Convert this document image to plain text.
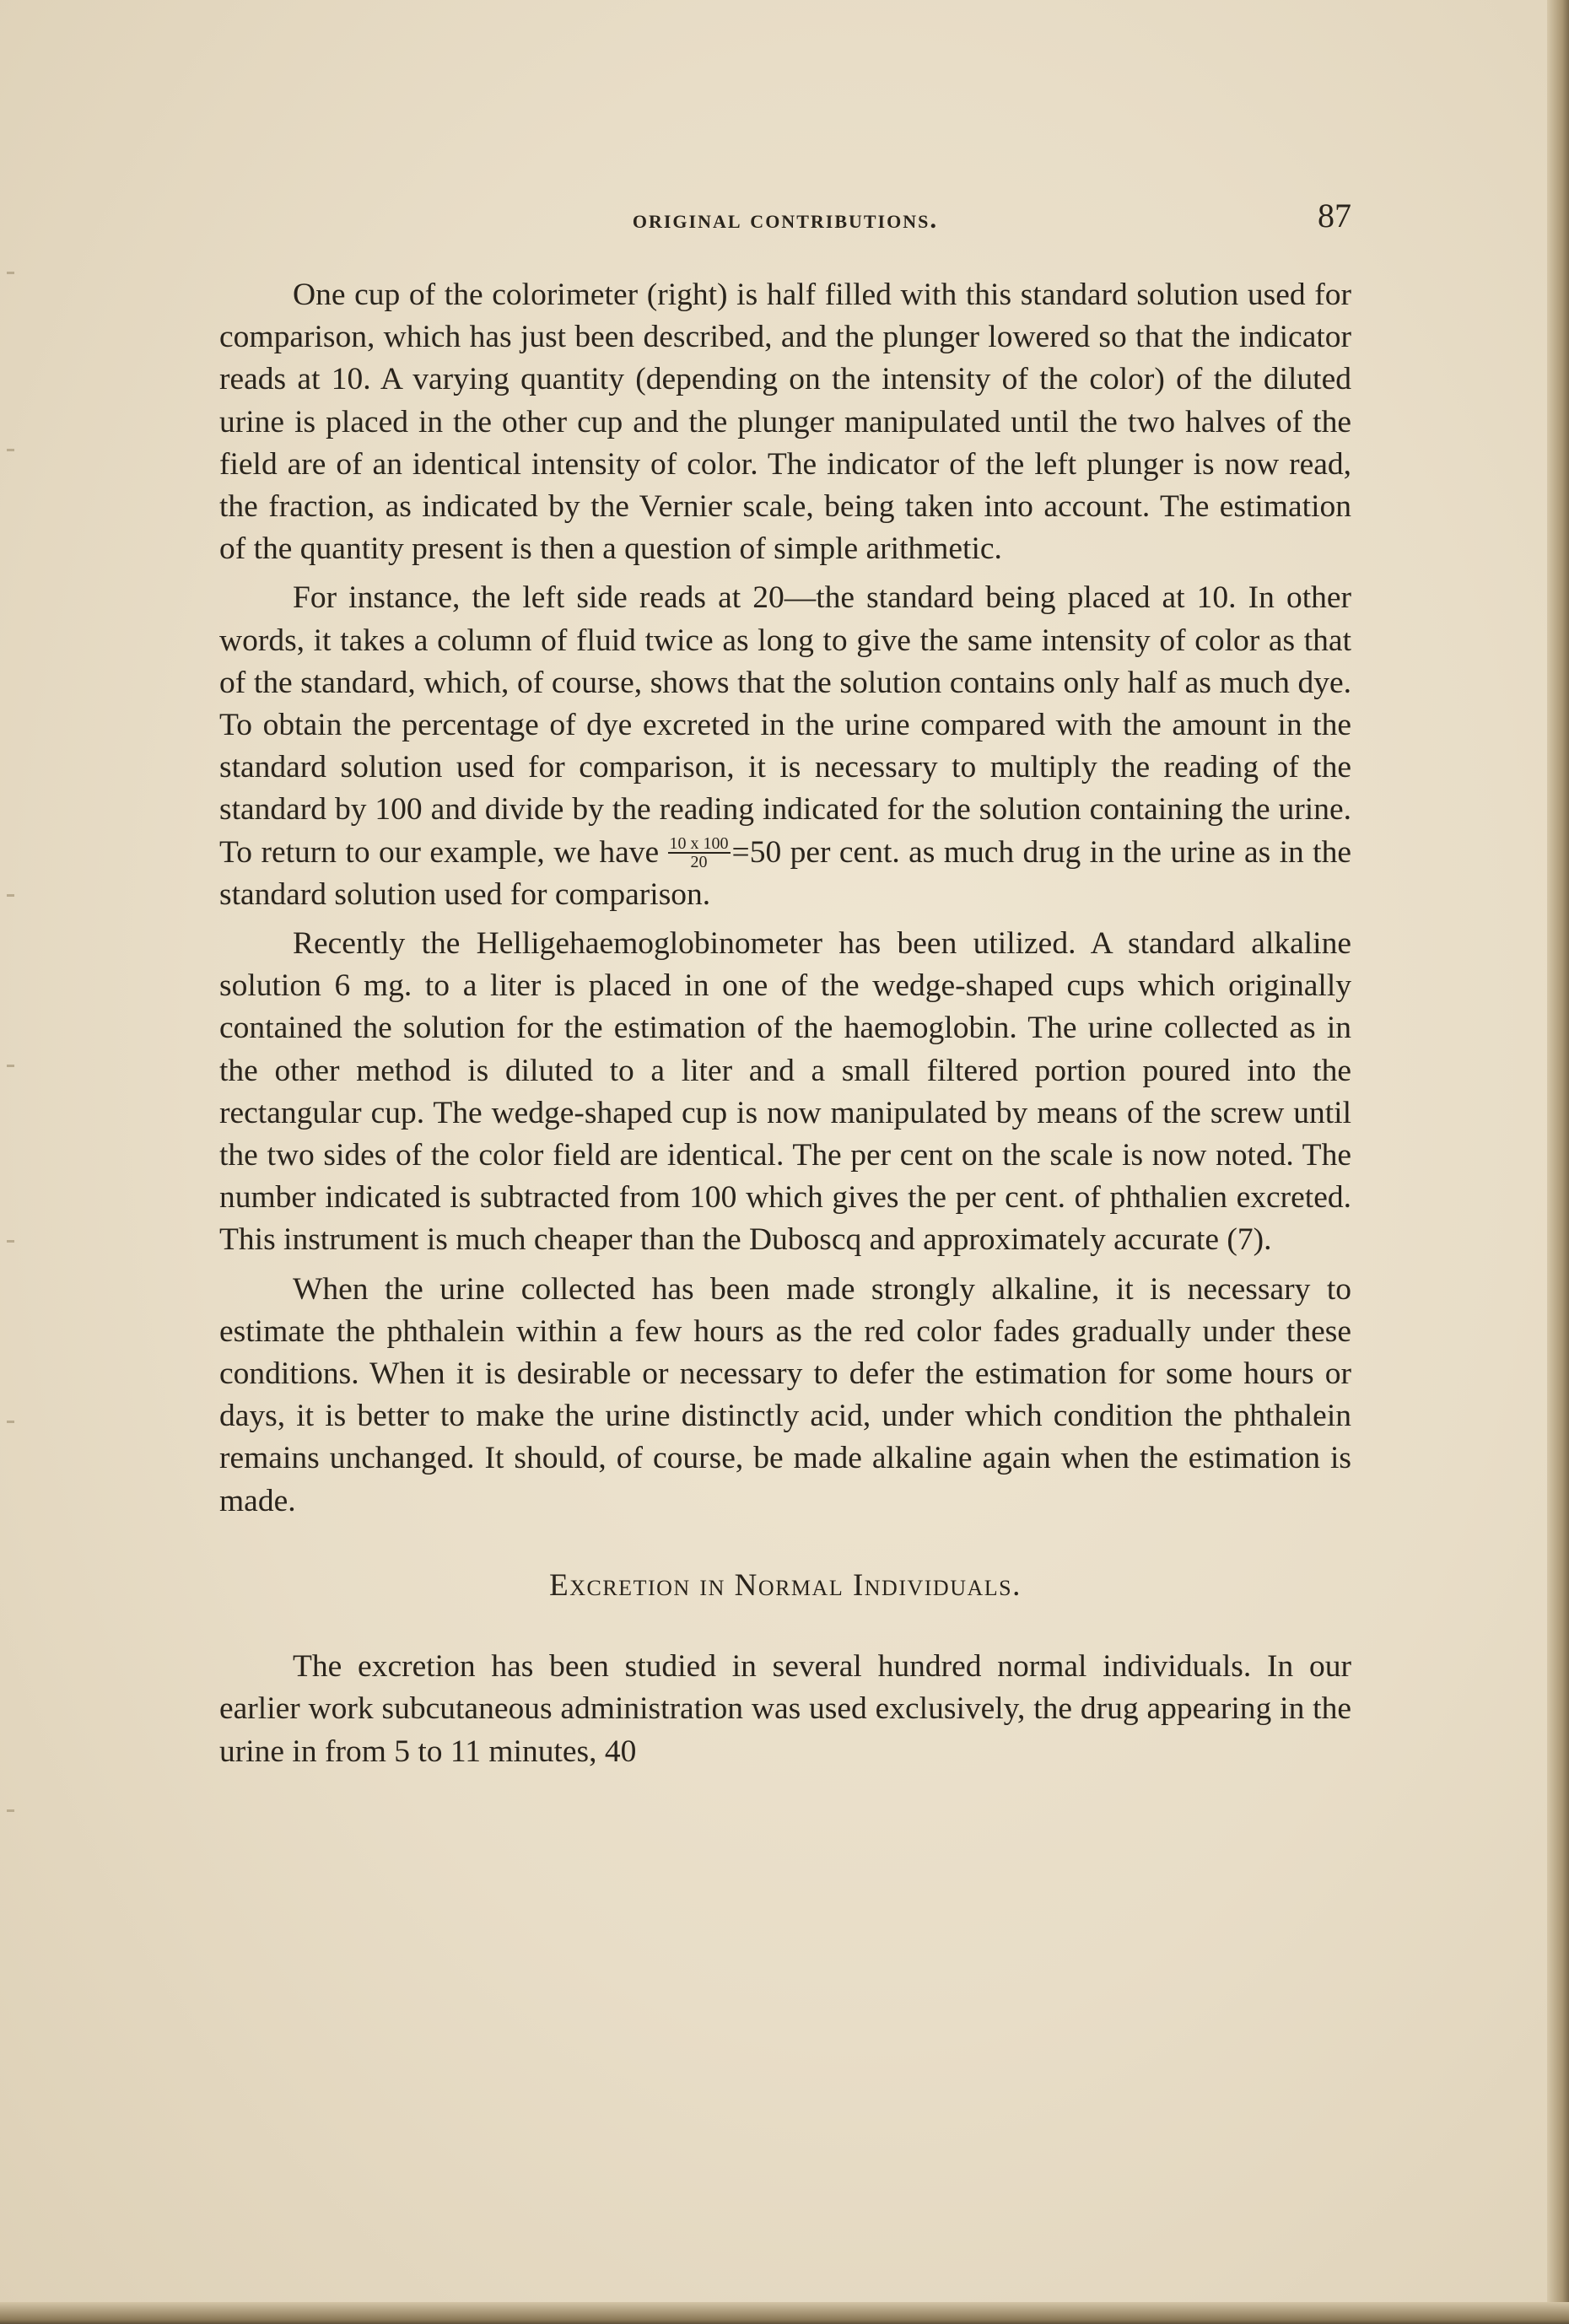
original contributions.	87

One cup of the colorimeter (right) is half filled with this standard solution used for comparison, which has just been described, and the plunger lowered so that the indicator reads at 10. A varying quantity (depending on the intensity of the color) of the diluted urine is placed in the other cup and the plunger manipulated until the two halves of the field are of an identical intensity of color. The indicator of the left plunger is now read, the fraction, as indicated by the Vernier scale, being taken into account. The estimation of the quantity present is then a question of simple arithmetic.

For instance, the left side reads at 20—the standard being placed at 10. In other words, it takes a column of fluid twice as long to give the same intensity of color as that of the standard, which, of course, shows that the solution contains only half as much dye. To obtain the percentage of dye excreted in the urine compared with the amount in the standard solution used for comparison, it is necessary to multiply the reading of the standard by 100 and divide by the reading indicated for the solution containing the urine. To return to our example, we have $\frac{10 x 100}{20} =50$ per cent. as much drug in the urine as in the standard solution used for comparison.

Recently the Helligehaemoglobinometer has been utilized. A standard alkaline solution 6 mg. to a liter is placed in one of the wedge-shaped cups which originally contained the solution for the estimation of the haemoglobin. The urine collected as in the other method is diluted to a liter and a small filtered portion poured into the rectangular cup. The wedge-shaped cup is now manipulated by means of the screw until the two sides of the color field are identical. The per cent on the scale is now noted. The number indicated is subtracted from 100 which gives the per cent. of phthalien excreted. This instrument is much cheaper than the Duboscq and approximately accurate (7).

When the urine collected has been made strongly alkaline, it is necessary to estimate the phthalein within a few hours as the red color fades gradually under these conditions. When it is desirable or necessary to defer the estimation for some hours or days, it is better to make the urine distinctly acid, under which condition the phthalein remains unchanged. It should, of course, be made alkaline again when the estimation is made.

Excretion in Normal Individuals.

The excretion has been studied in several hundred normal individuals. In our earlier work subcutaneous administration was used exclusively, the drug appearing in the urine in from 5 to 11 minutes, 40
